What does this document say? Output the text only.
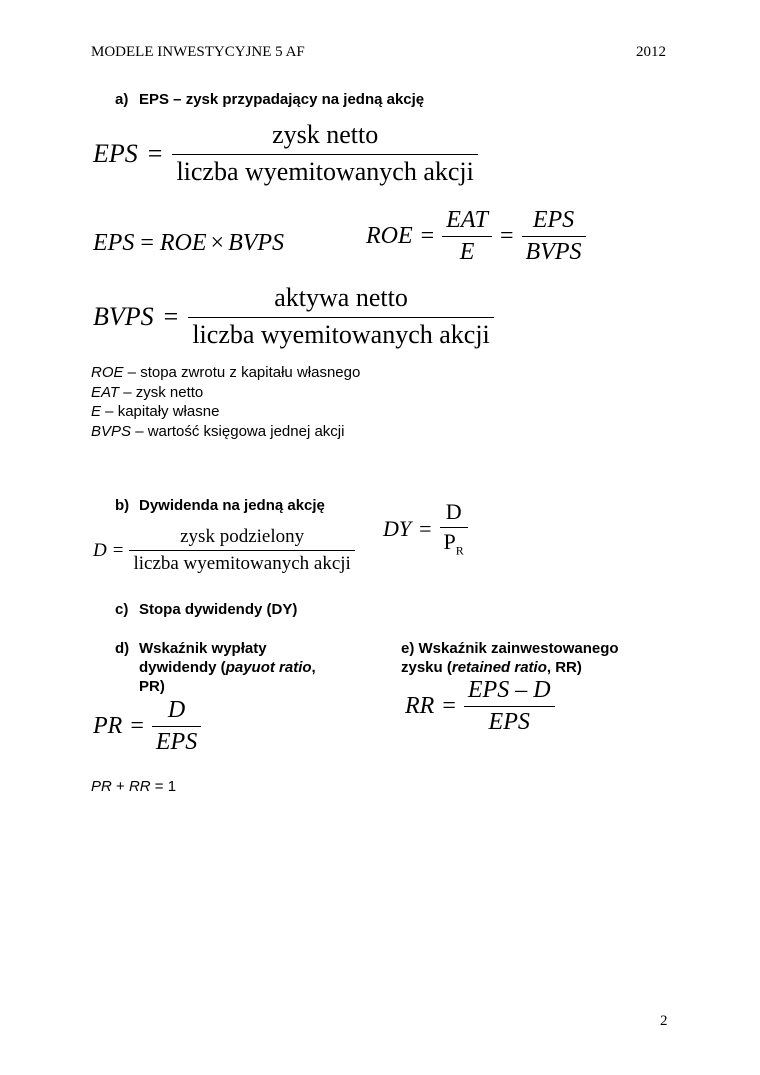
MODELE INWESTYCYJNE 5 AF	2012
a) EPS – zysk przypadający na jedną akcję
EPS = $\frac{\text{zysk netto}}{\text{liczba wyemitowanych akcji}}$
EPS = ROE × BVPS	ROE = $\frac{\text{EAT}}{E} = \frac{\text{EPS}}{\text{BVPS}}$
BVPS = $\frac{\text{aktywa netto}}{\text{liczba wyemitowanych akcji}}$
ROE – stopa zwrotu z kapitału własnego
EAT – zysk netto
E – kapitały własne
BVPS – wartość księgowa jednej akcji
b) Dywidenda na jedną akcję
$D = \frac{\text{zysk podzielony}}{\text{liczba wyemitowanych akcji}}$ DY = $\frac{D}{P_R}$
c) Stopa dywidendy (DY)
d) Wskaźnik wypłaty
dywidendy (payuot ratio,
PR)
PR = $\frac{D}{\text{EPS}}$
e) Wskaźnik zainwestowanego
zysku (retained ratio, RR)
RR = $\frac{\text{EPS – D}}{\text{EPS}}$
PR + RR = 1
2
